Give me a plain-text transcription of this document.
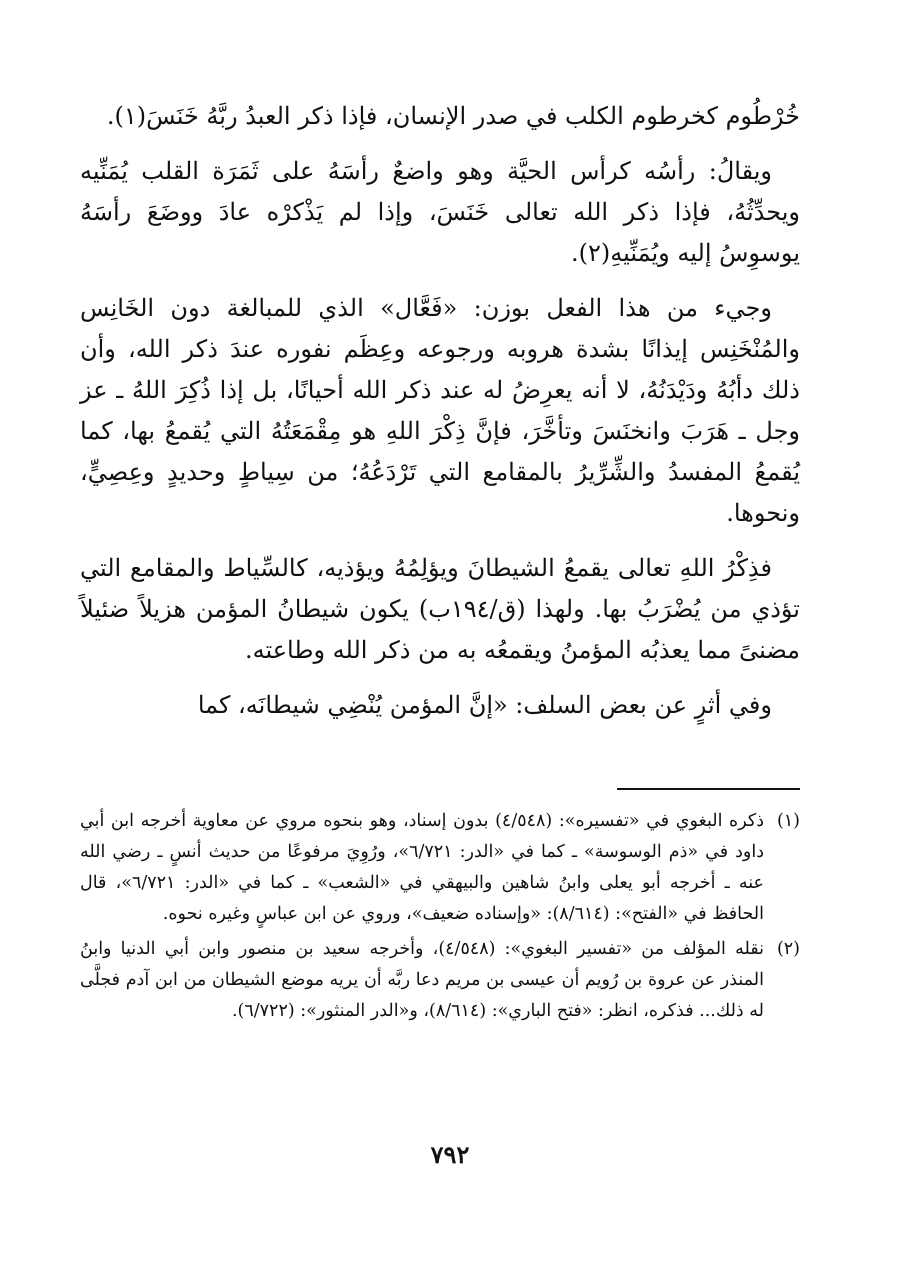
خُرْطُوم كخرطوم الكلب في صدر الإنسان، فإذا ذكر العبدُ ربَّهُ خَنَسَ(١).

ويقالُ: رأسُه كرأس الحيَّة وهو واضعٌ رأسَهُ على ثَمَرَة القلب يُمَنِّيه ويحدِّثُهُ، فإذا ذكر الله تعالى خَنَسَ، وإذا لم يَذْكرْه عادَ ووضَعَ رأسَهُ يوسوِسُ إليه ويُمَنِّيهِ(٢).

وجيء من هذا الفعل بوزن: «فَعَّال» الذي للمبالغة دون الخَانِس والمُنْخَنِس إيذانًا بشدة هروبه ورجوعه وعِظَم نفوره عندَ ذكر الله، وأن ذلك دأبُهُ ودَيْدَنُهُ، لا أنه يعرِضُ له عند ذكر الله أحيانًا، بل إذا ذُكِرَ اللهُ ـ عز وجل ـ هَرَبَ وانخنَسَ وتأخَّرَ، فإنَّ ذِكْرَ اللهِ هو مِقْمَعَتُهُ التي يُقمعُ بها، كما يُقمعُ المفسدُ والشِّرِّيرُ بالمقامع التي تَرْدَعُهُ؛ من سِياطٍ وحديدٍ وعِصِيٍّ، ونحوها.

فذِكْرُ اللهِ تعالى يقمعُ الشيطانَ ويؤلِمُهُ ويؤذيه، كالسِّياط والمقامع التي تؤذي من يُضْرَبُ بها. ولهذا (ق/١٩٤ب) يكون شيطانُ المؤمن هزيلاً ضئيلاً مضنىً مما يعذبُه المؤمنُ ويقمعُه به من ذكر الله وطاعته.

وفي أثرٍ عن بعض السلف: «إنَّ المؤمن يُنْضِي شيطانَه، كما

(١)
ذكره البغوي في «تفسيره»: (٤/٥٤٨) بدون إسناد، وهو بنحوه مروي عن معاوية أخرجه ابن أبي داود في «ذم الوسوسة» ـ كما في «الدر: ٦/٧٢١»، ورُوِيَ مرفوعًا من حديث أنسٍ ـ رضي الله عنه ـ أخرجه أبو يعلى وابنُ شاهين والبيهقي في «الشعب» ـ كما في «الدر: ٦/٧٢١»، قال الحافظ في «الفتح»: (٨/٦١٤): «وإسناده ضعيف»، وروي عن ابن عباسٍ وغيره نحوه.
(٢)
نقله المؤلف من «تفسير البغوي»: (٤/٥٤٨)، وأخرجه سعيد بن منصور وابن أبي الدنيا وابنُ المنذر عن عروة بن رُويم أن عيسى بن مريم دعا ربَّه أن يريه موضع الشيطان من ابن آدم فجلَّى له ذلك... فذكره، انظر: «فتح الباري»: (٨/٦١٤)، و«الدر المنثور»: (٦/٧٢٢).
٧٩٢
